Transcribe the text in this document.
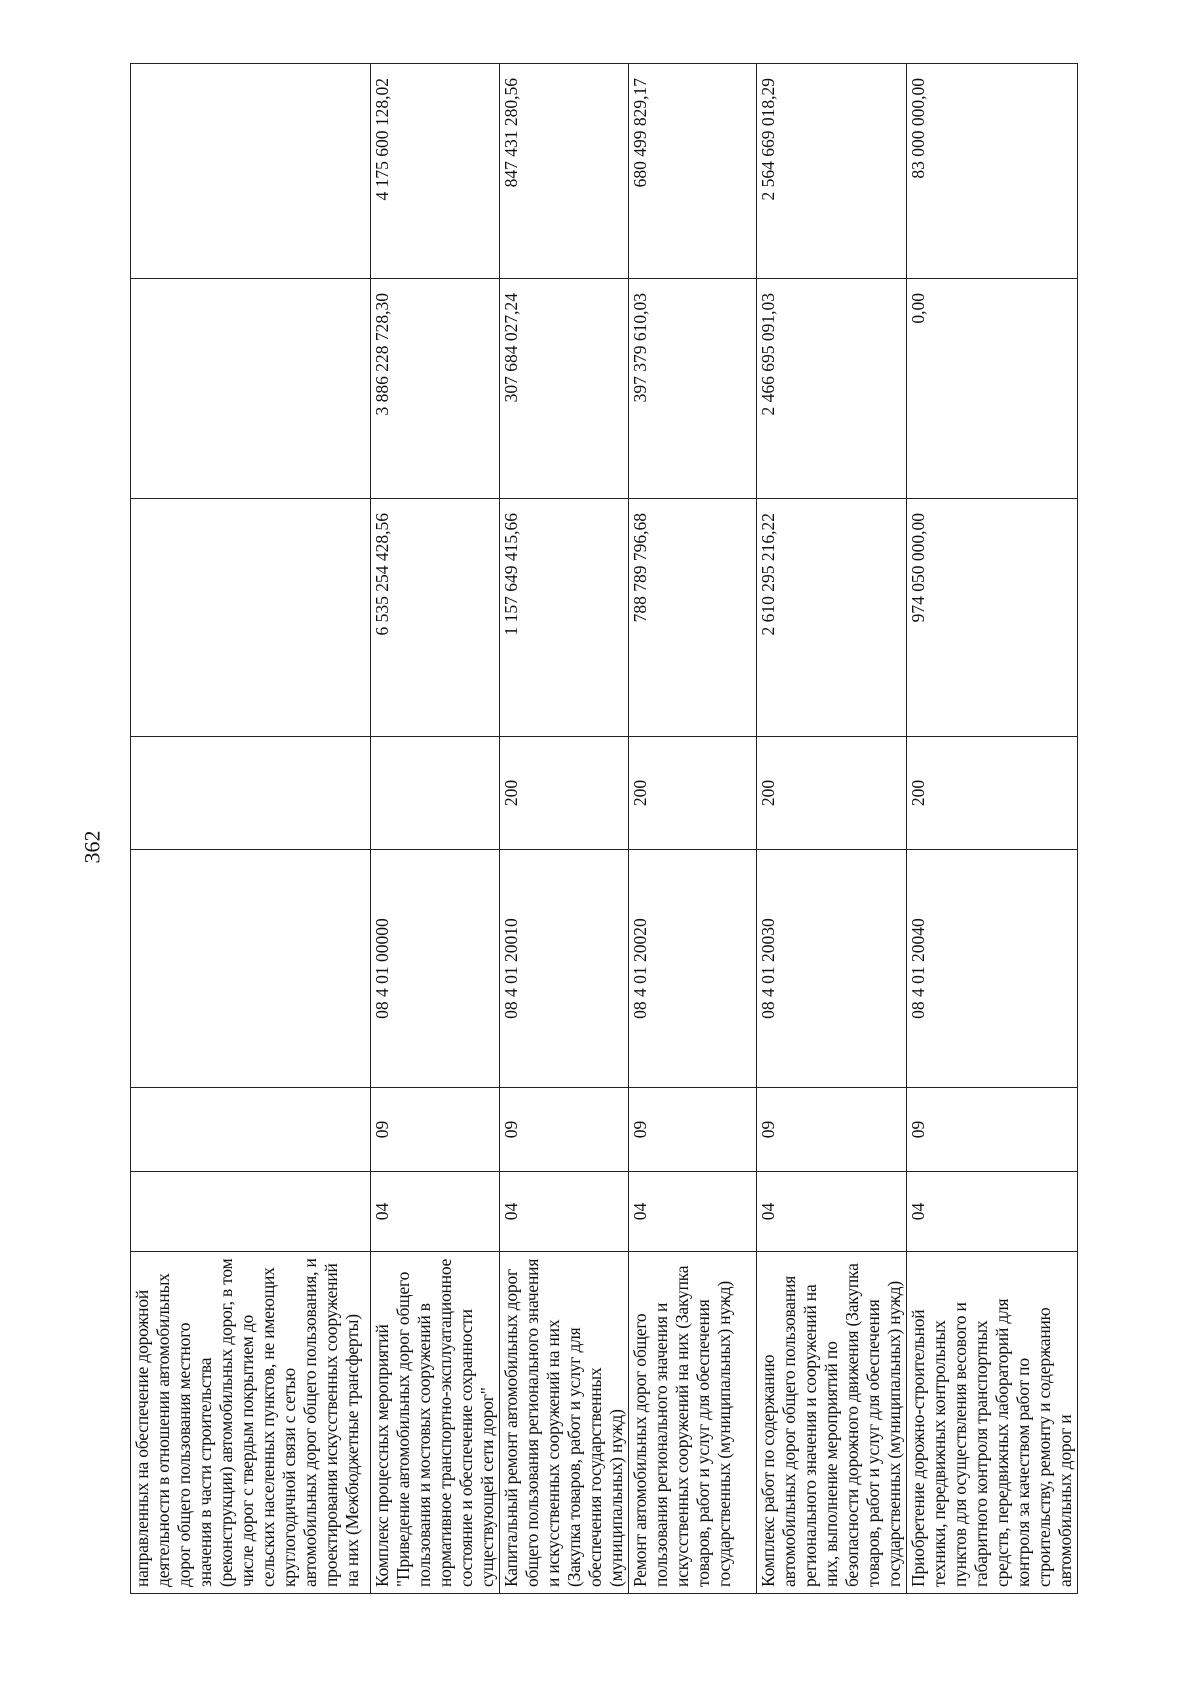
362
направленных на обеспечение дорожной деятельности в отношении автомобильных дорог общего пользования местного значения в части строительства (реконструкции) автомобильных дорог, в том числе дорог с твердым покрытием до сельских населенных пунктов, не имеющих круглогодичной связи с сетью автомобильных дорог общего пользования, и проектирования искусственных сооружений на них (Межбюджетные трансферты)							
Комплекс процессных мероприятий "Приведение автомобильных дорог общего пользования и мостовых сооружений в нормативное транспортно-эксплуатационное состояние и обеспечение сохранности существующей сети дорог"	04	09	08 4 01 00000		6 535 254 428,56	3 886 228 728,30	4 175 600 128,02
Капитальный ремонт автомобильных дорог общего пользования регионального значения и искусственных сооружений на них (Закупка товаров, работ и услуг для обеспечения государственных (муниципальных) нужд)	04	09	08 4 01 20010	200	1 157 649 415,66	307 684 027,24	847 431 280,56
Ремонт автомобильных дорог общего пользования регионального значения и искусственных сооружений на них (Закупка товаров, работ и услуг для обеспечения государственных (муниципальных) нужд)	04	09	08 4 01 20020	200	788 789 796,68	397 379 610,03	680 499 829,17
Комплекс работ по содержанию автомобильных дорог общего пользования регионального значения и сооружений на них, выполнение мероприятий по безопасности дорожного движения (Закупка товаров, работ и услуг для обеспечения государственных (муниципальных) нужд)	04	09	08 4 01 20030	200	2 610 295 216,22	2 466 695 091,03	2 564 669 018,29
Приобретение дорожно-строительной техники, передвижных контрольных пунктов для осуществления весового и габаритного контроля транспортных средств, передвижных лабораторий для контроля за качеством работ по строительству, ремонту и содержанию автомобильных дорог и	04	09	08 4 01 20040	200	974 050 000,00	0,00	83 000 000,00
